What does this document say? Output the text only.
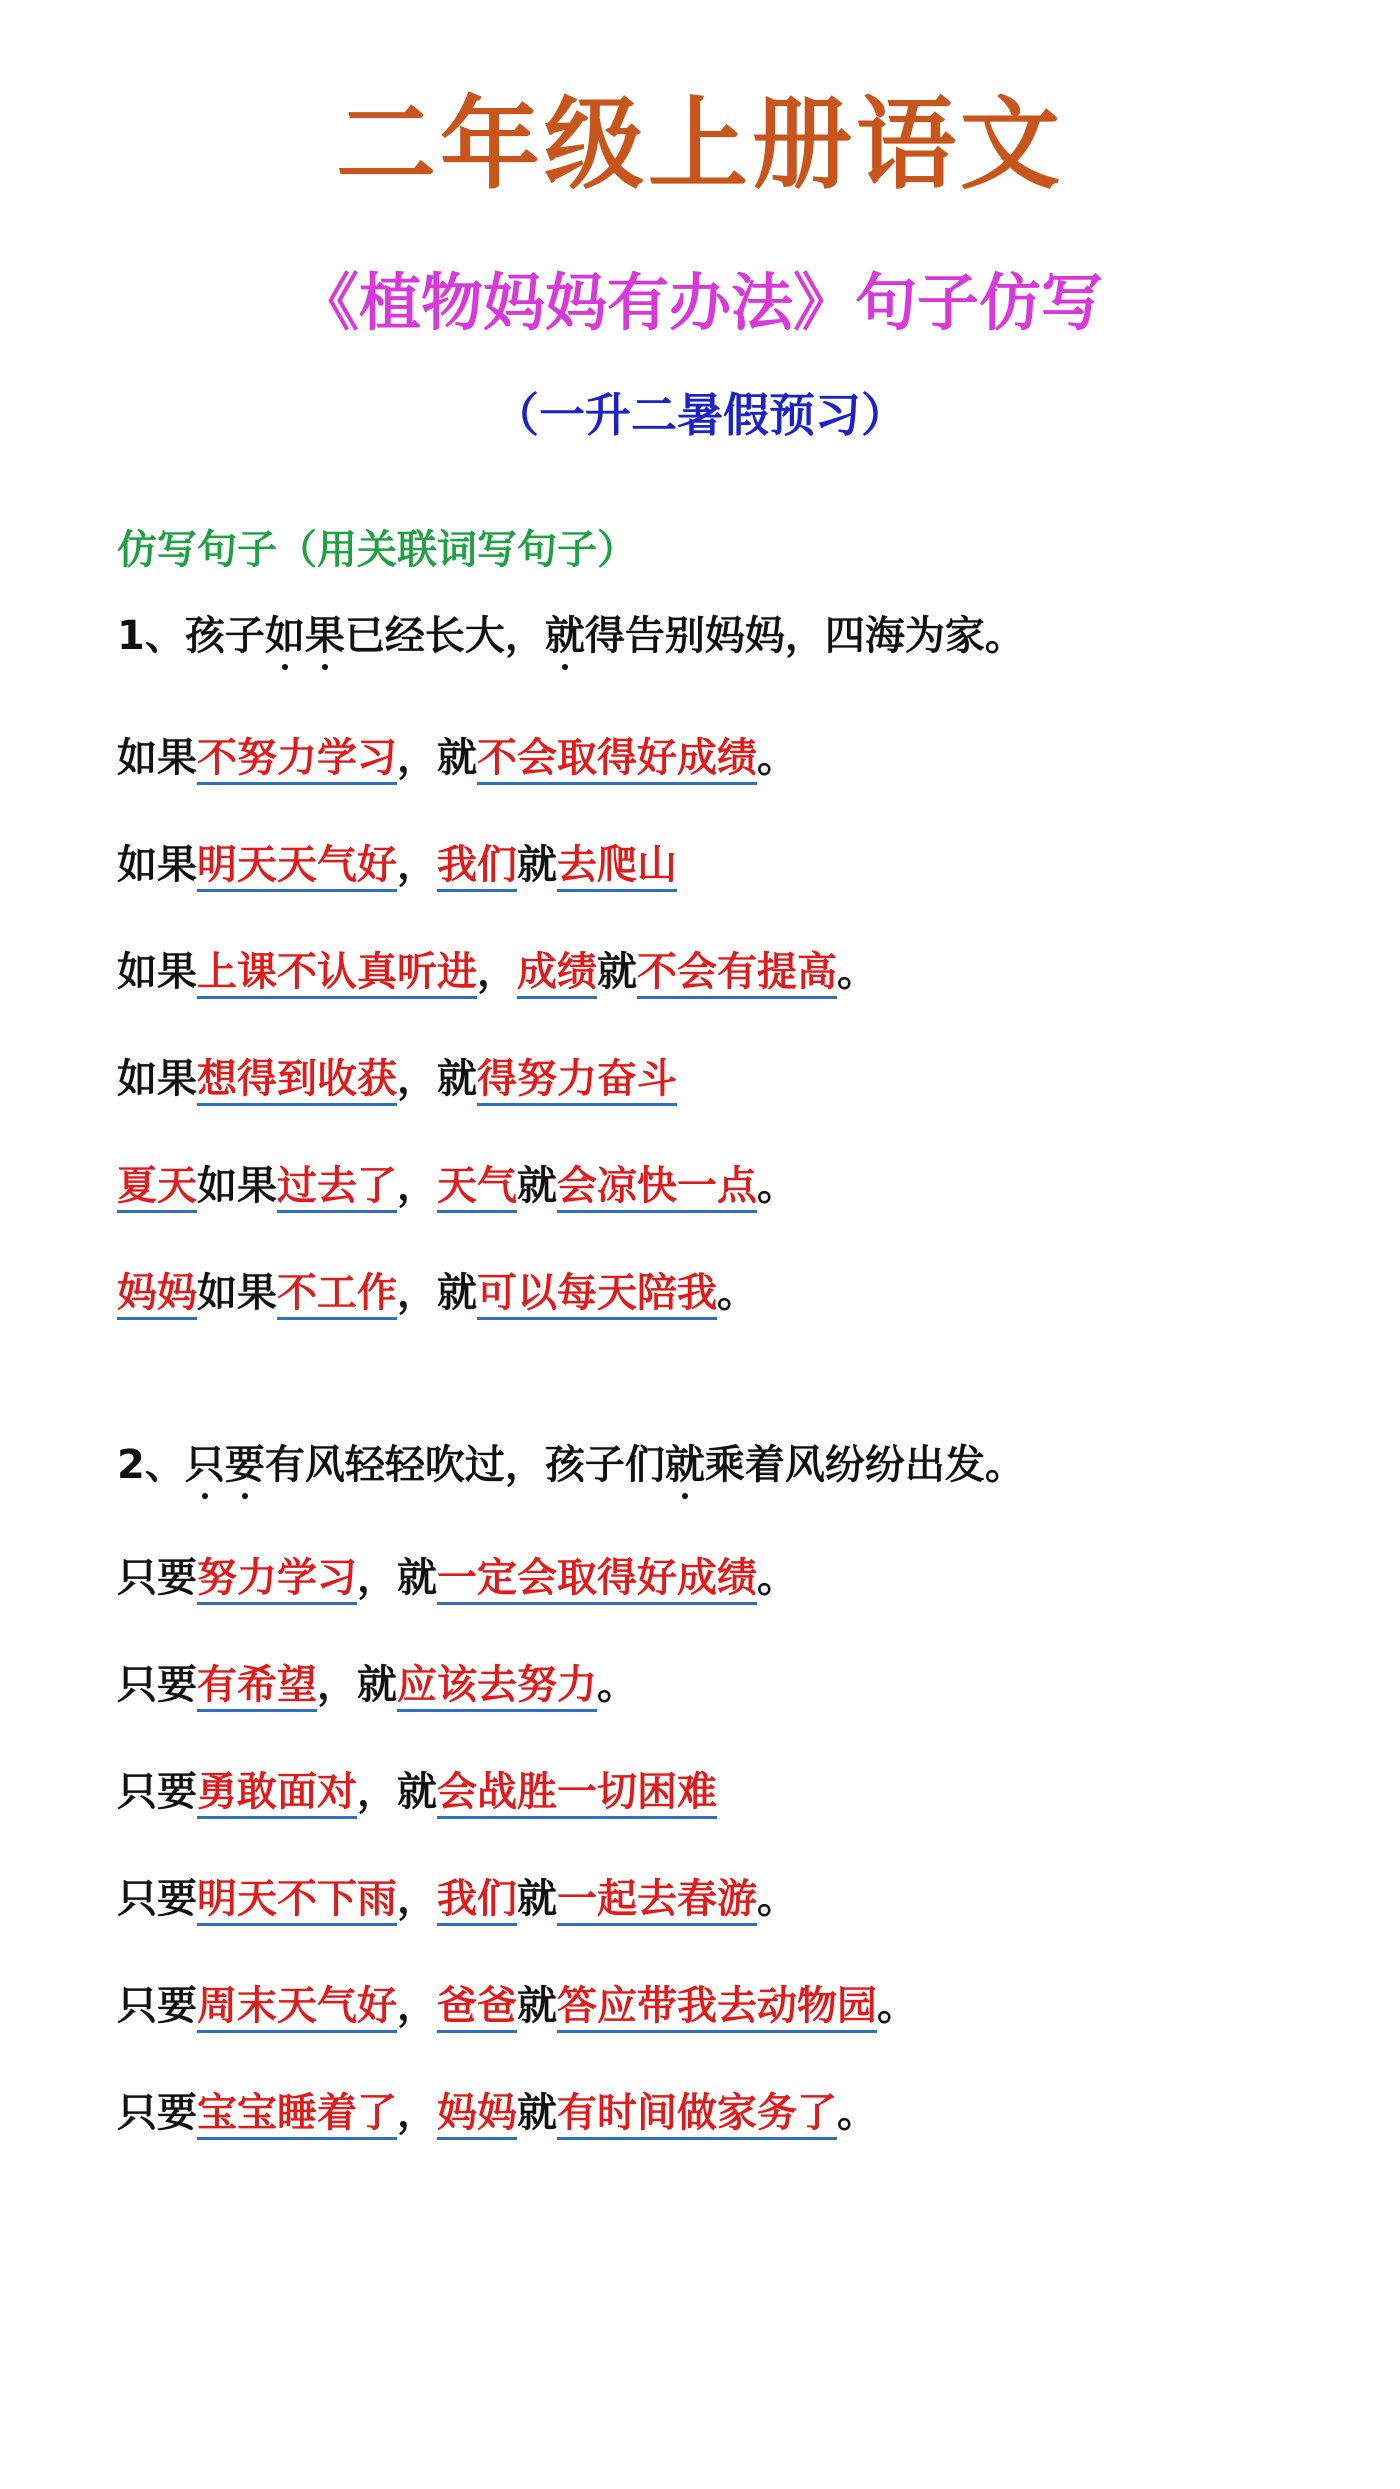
二年级上册语文
《植物妈妈有办法》句子仿写
（一升二暑假预习）
仿写句子（用关联词写句子）
1、孩子如果已经长大，就得告别妈妈，四海为家。
如果不努力学习，就不会取得好成绩。
如果明天天气好，我们就去爬山
如果上课不认真听进，成绩就不会有提高。
如果想得到收获，就得努力奋斗
夏天如果过去了，天气就会凉快一点。
妈妈如果不工作，就可以每天陪我。
2、只要有风轻轻吹过，孩子们就乘着风纷纷出发。
只要努力学习，就一定会取得好成绩。
只要有希望，就应该去努力。
只要勇敢面对，就会战胜一切困难
只要明天不下雨，我们就一起去春游。
只要周末天气好，爸爸就答应带我去动物园。
只要宝宝睡着了，妈妈就有时间做家务了。
